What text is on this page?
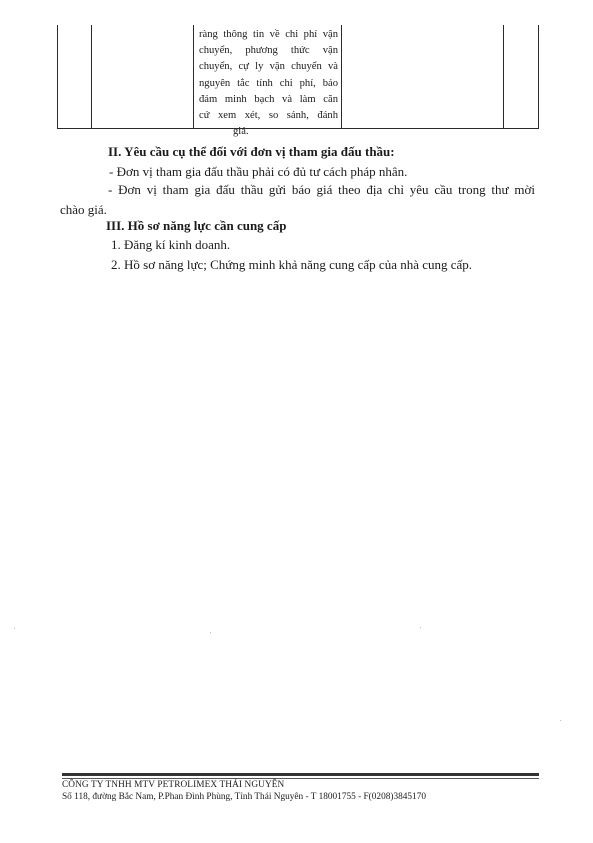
ràng thông tin về chi phí vận
chuyển, phương thức vận
chuyển, cự ly vận chuyển và
nguyên tắc tính chi phí, bảo
đảm minh bạch và làm căn
cứ xem xét, so sánh, đánh
giá.
II. Yêu cầu cụ thể đối với đơn vị tham gia đấu thầu:
- Đơn vị tham gia đấu thầu phải có đủ tư cách pháp nhân.
- Đơn vị tham gia đấu thầu gửi báo giá theo địa chỉ yêu cầu trong thư mời
chào giá.
III. Hồ sơ năng lực cần cung cấp
1. Đăng kí kinh doanh.
2. Hồ sơ năng lực; Chứng minh khả năng cung cấp của nhà cung cấp.
CÔNG TY TNHH MTV PETROLIMEX THÁI NGUYÊN
Số 118, đường Bắc Nam, P.Phan Đình Phùng, Tỉnh Thái Nguyên - T 18001755 - F(0208)3845170
